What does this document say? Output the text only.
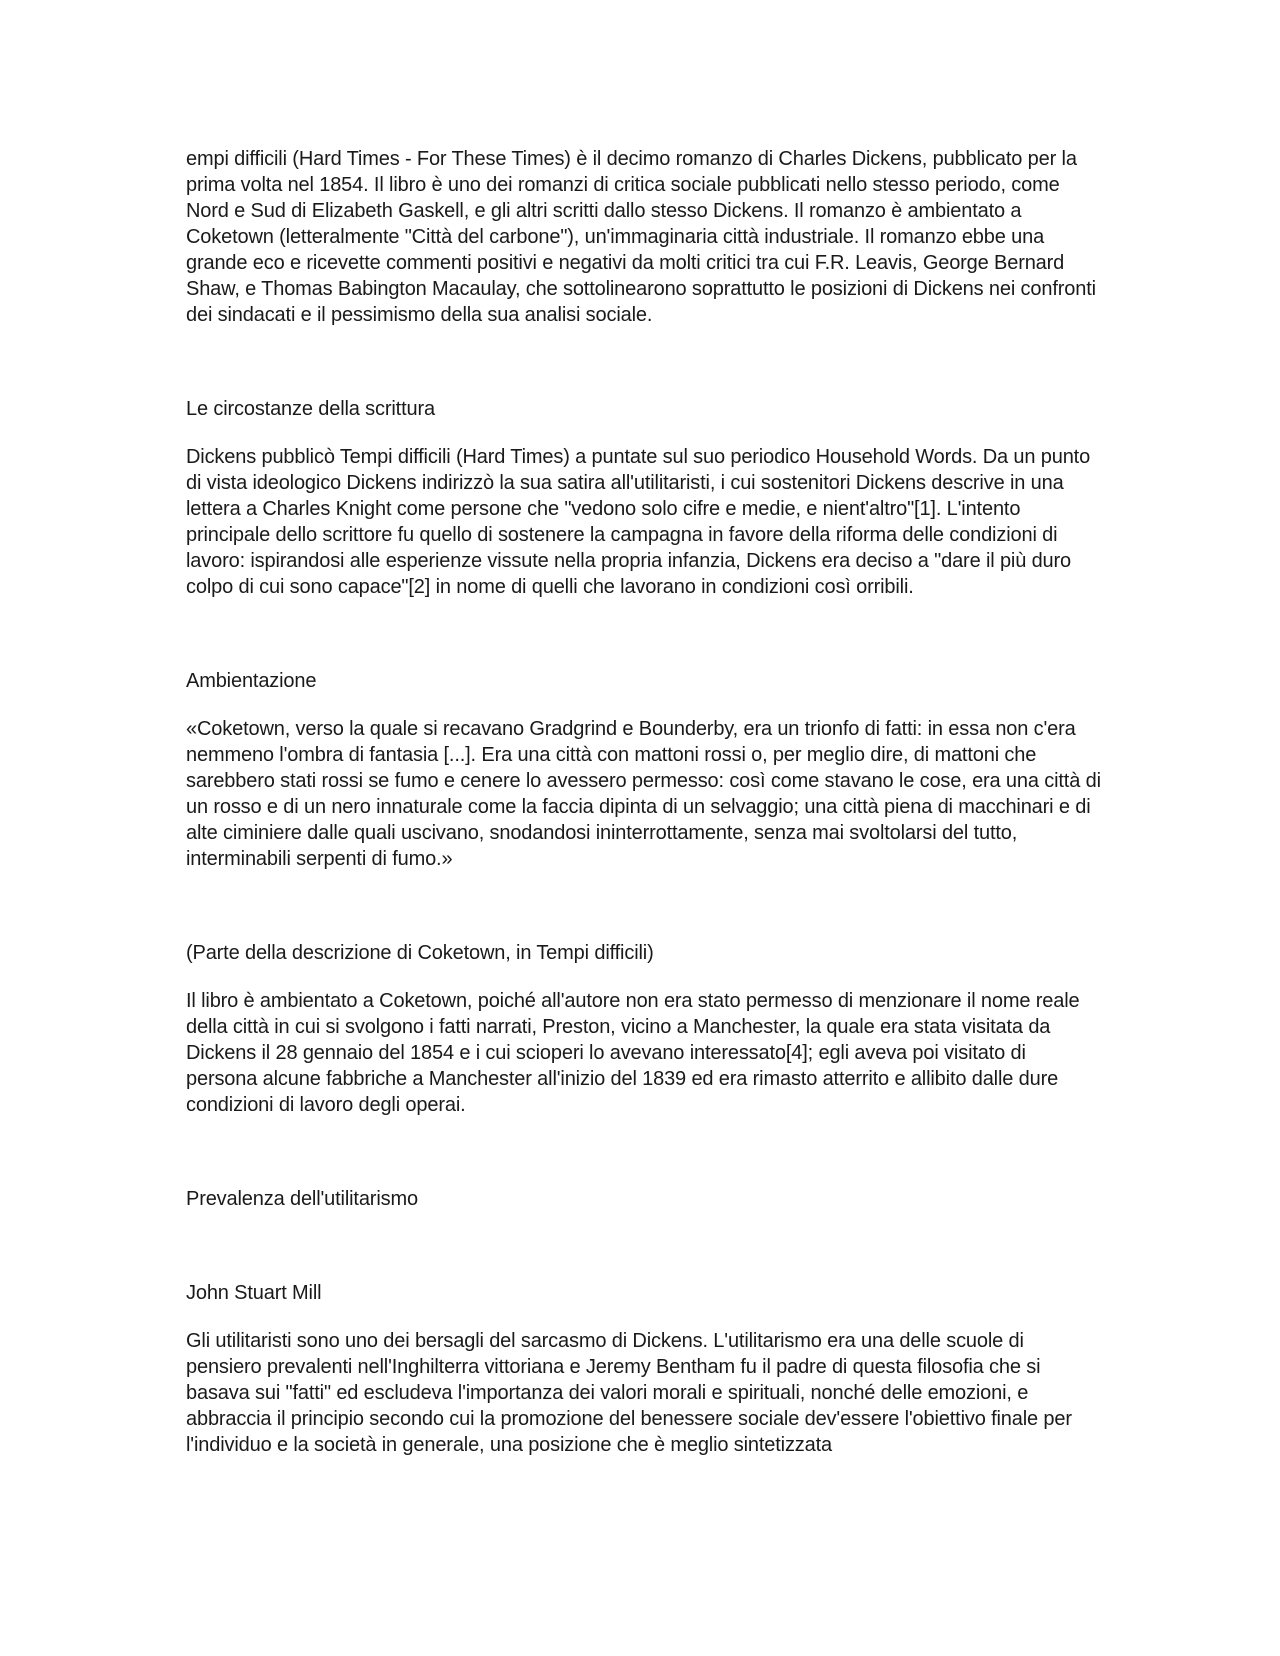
empi difficili (Hard Times - For These Times) è il decimo romanzo di Charles Dickens, pubblicato per la prima volta nel 1854. Il libro è uno dei romanzi di critica sociale pubblicati nello stesso periodo, come Nord e Sud di Elizabeth Gaskell, e gli altri scritti dallo stesso Dickens. Il romanzo è ambientato a Coketown (letteralmente "Città del carbone"), un'immaginaria città industriale. Il romanzo ebbe una grande eco e ricevette commenti positivi e negativi da molti critici tra cui F.R. Leavis, George Bernard Shaw, e Thomas Babington Macaulay, che sottolinearono soprattutto le posizioni di Dickens nei confronti dei sindacati e il pessimismo della sua analisi sociale.

Le circostanze della scrittura

Dickens pubblicò Tempi difficili (Hard Times) a puntate sul suo periodico Household Words. Da un punto di vista ideologico Dickens indirizzò la sua satira all'utilitaristi, i cui sostenitori Dickens descrive in una lettera a Charles Knight come persone che "vedono solo cifre e medie, e nient'altro"[1]. L'intento principale dello scrittore fu quello di sostenere la campagna in favore della riforma delle condizioni di lavoro: ispirandosi alle esperienze vissute nella propria infanzia, Dickens era deciso a "dare il più duro colpo di cui sono capace"[2] in nome di quelli che lavorano in condizioni così orribili.

Ambientazione

«Coketown, verso la quale si recavano Gradgrind e Bounderby, era un trionfo di fatti: in essa non c'era nemmeno l'ombra di fantasia [...]. Era una città con mattoni rossi o, per meglio dire, di mattoni che sarebbero stati rossi se fumo e cenere lo avessero permesso: così come stavano le cose, era una città di un rosso e di un nero innaturale come la faccia dipinta di un selvaggio; una città piena di macchinari e di alte ciminiere dalle quali uscivano, snodandosi ininterrottamente, senza mai svoltolarsi del tutto, interminabili serpenti di fumo.»

(Parte della descrizione di Coketown, in Tempi difficili)

Il libro è ambientato a Coketown, poiché all'autore non era stato permesso di menzionare il nome reale della città in cui si svolgono i fatti narrati, Preston, vicino a Manchester, la quale era stata visitata da Dickens il 28 gennaio del 1854 e i cui scioperi lo avevano interessato[4]; egli aveva poi visitato di persona alcune fabbriche a Manchester all'inizio del 1839 ed era rimasto atterrito e allibito dalle dure condizioni di lavoro degli operai.

Prevalenza dell'utilitarismo

John Stuart Mill

Gli utilitaristi sono uno dei bersagli del sarcasmo di Dickens. L'utilitarismo era una delle scuole di pensiero prevalenti nell'Inghilterra vittoriana e Jeremy Bentham fu il padre di questa filosofia che si basava sui "fatti" ed escludeva l'importanza dei valori morali e spirituali, nonché delle emozioni, e abbraccia il principio secondo cui la promozione del benessere sociale dev'essere l'obiettivo finale per l'individuo e la società in generale, una posizione che è meglio sintetizzata
